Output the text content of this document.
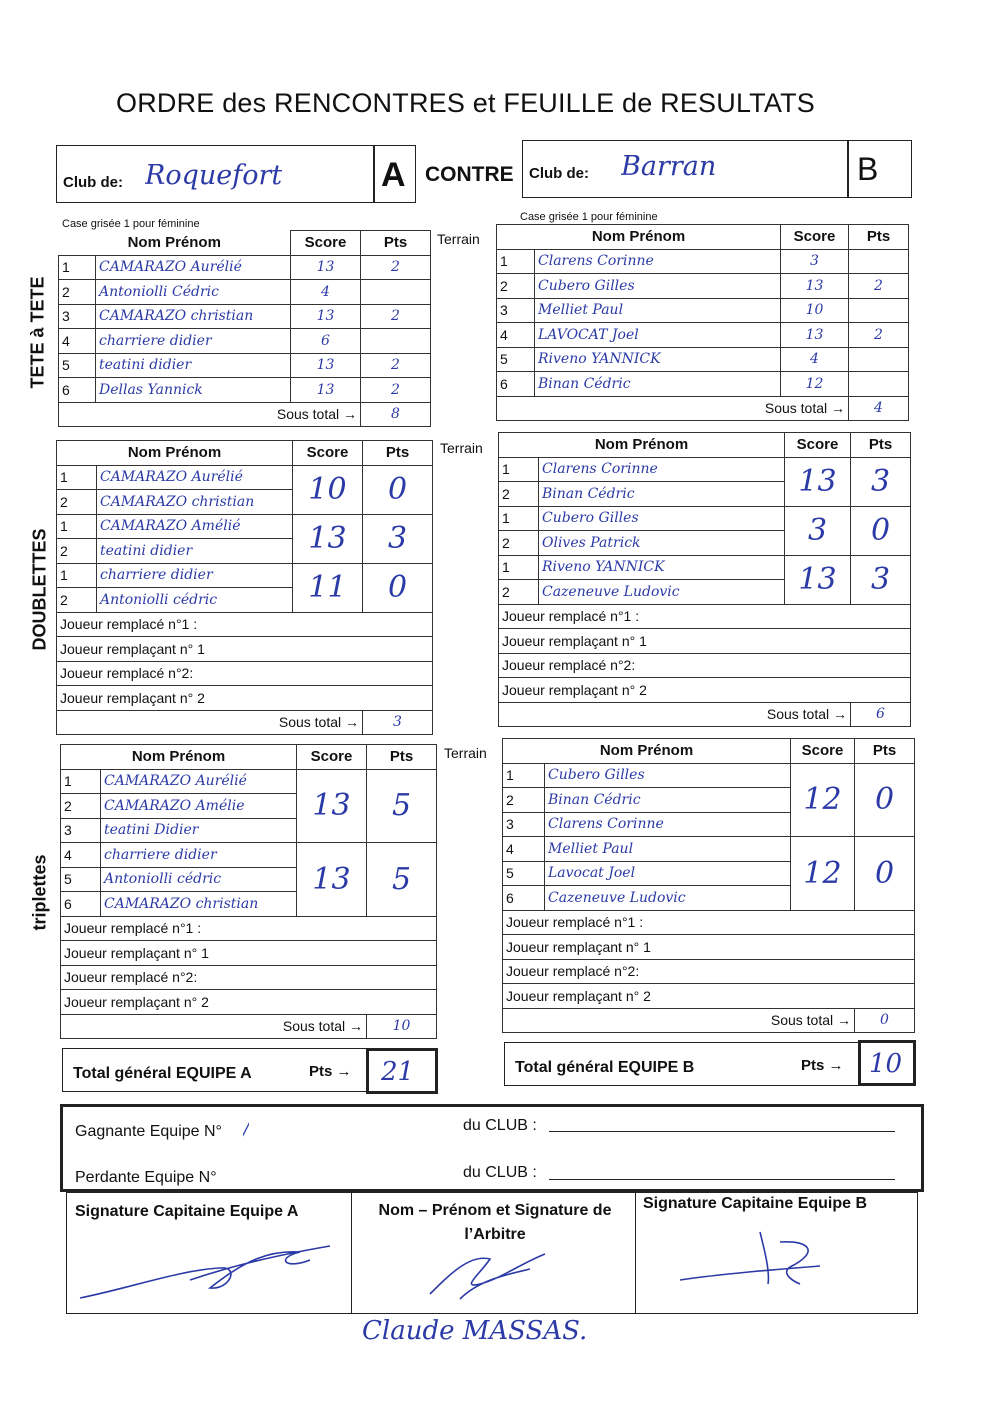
ORDRE des RENCONTRES et FEUILLE de RESULTATS
Club de: Roquefort	A CONTRE Club de: Barran	B
TETE à TETE
DOUBLETTES
triplettes
Case grisée 1 pour féminine
Nom Prénom		Score	Pts
1	CAMARAZO Aurélié	13	2
2	Antoniolli Cédric	4	
3	CAMARAZO christian	13	2
4	charriere didier	6	
5	teatini didier	13	2
6	Dellas Yannick	13	2
Sous total →			8
Terrain
Case grisée 1 pour féminine
Nom Prénom		Score	Pts
1	Clarens Corinne	3	
2	Cubero Gilles	13	2
3	Melliet Paul	10	
4	LAVOCAT Joel	13	2
5	Riveno YANNICK	4	
6	Binan Cédric	12	
Sous total →			4
Nom Prénom		Score	Pts
1	CAMARAZO Aurélié	10	0
2	CAMARAZO christian		
1	CAMARAZO Amélié	13	3
2	teatini didier		
1	charriere didier	11	0
2	Antoniolli cédric		
Joueur remplacé n°1 :			
Joueur remplaçant n° 1			
Joueur remplacé n°2:			
Joueur remplaçant n° 2			
Sous total →			3
Terrain	Nom Prénom		Score	Pts
1	Clarens Corinne	13	3
2	Binan Cédric		
1	Cubero Gilles	3	0
2	Olives Patrick		
1	Riveno YANNICK	13	3
2	Cazeneuve Ludovic		
Joueur remplacé n°1 :			
Joueur remplaçant n° 1			
Joueur remplacé n°2:			
Joueur remplaçant n° 2			
Sous total →			6
Nom Prénom		Score	Pts
1	CAMARAZO Aurélié	13	5
2	CAMARAZO Amélie		
3	teatini Didier		
4	charriere didier	13	5
5	Antoniolli cédric		
6	CAMARAZO christian		
Joueur remplacé n°1 :			
Joueur remplaçant n° 1			
Joueur remplacé n°2:			
Joueur remplaçant n° 2			
Sous total →			10
Terrain	Nom Prénom		Score	Pts
1	Cubero Gilles	12	0
2	Binan Cédric		
3	Clarens Corinne		
4	Melliet Paul	12	0
5	Lavocat Joel		
6	Cazeneuve Ludovic		
Joueur remplacé n°1 :			
Joueur remplaçant n° 1			
Joueur remplacé n°2:			
Joueur remplaçant n° 2			
Sous total →			0
Total général EQUIPE A	Pts → 21	Total général EQUIPE B	Pts → 10
Gagnante Equipe N° /	du CLUB :
Perdante Equipe N°	du CLUB :
Signature Capitaine Equipe A	Nom – Prénom et Signature de l’Arbitre
Signature Capitaine Equipe B
Claude MASSAS.
